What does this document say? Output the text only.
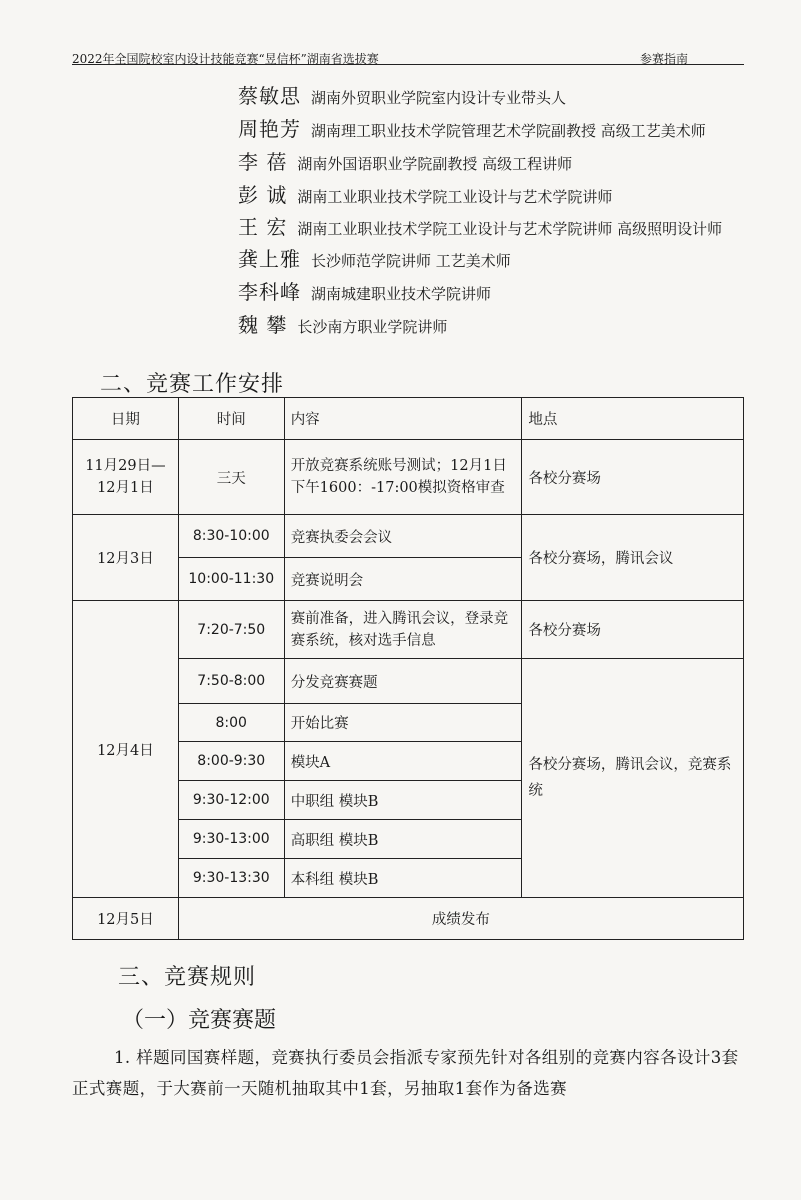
2022年全国院校室内设计技能竞赛“昱信杯”湖南省选拔赛	参赛指南
蔡敏思 湖南外贸职业学院室内设计专业带头人
周艳芳 湖南理工职业技术学院管理艺术学院副教授 高级工艺美术师
李 蓓 湖南外国语职业学院副教授 高级工程讲师
彭 诚 湖南工业职业技术学院工业设计与艺术学院讲师
王 宏 湖南工业职业技术学院工业设计与艺术学院讲师 高级照明设计师
龚上雅 长沙师范学院讲师 工艺美术师
李科峰 湖南城建职业技术学院讲师
魏 攀 长沙南方职业学院讲师
二、竞赛工作安排
日期	时间	内容	地点
11月29日—12月1日	三天	开放竞赛系统账号测试；12月1日下午1600：-17:00模拟资格审查	各校分赛场
12月3日	8:30-10:00	竞赛执委会会议	各校分赛场，腾讯会议
	10:00-11:30	竞赛说明会	
12月4日	7:20-7:50	赛前准备，进入腾讯会议，登录竞赛系统，核对选手信息	各校分赛场
	7:50-8:00	分发竞赛赛题	各校分赛场，腾讯会议，竞赛系统
	8:00	开始比赛	
	8:00-9:30	模块A	
	9:30-12:00	中职组 模块B	
	9:30-13:00	高职组 模块B	
	9:30-13:30	本科组 模块B	
12月5日	成绩发布		
三、竞赛规则
（一）竞赛赛题
1. 样题同国赛样题，竞赛执行委员会指派专家预先针对各组别的竞赛内容各设计3套正式赛题，于大赛前一天随机抽取其中1套，另抽取1套作为备选赛
